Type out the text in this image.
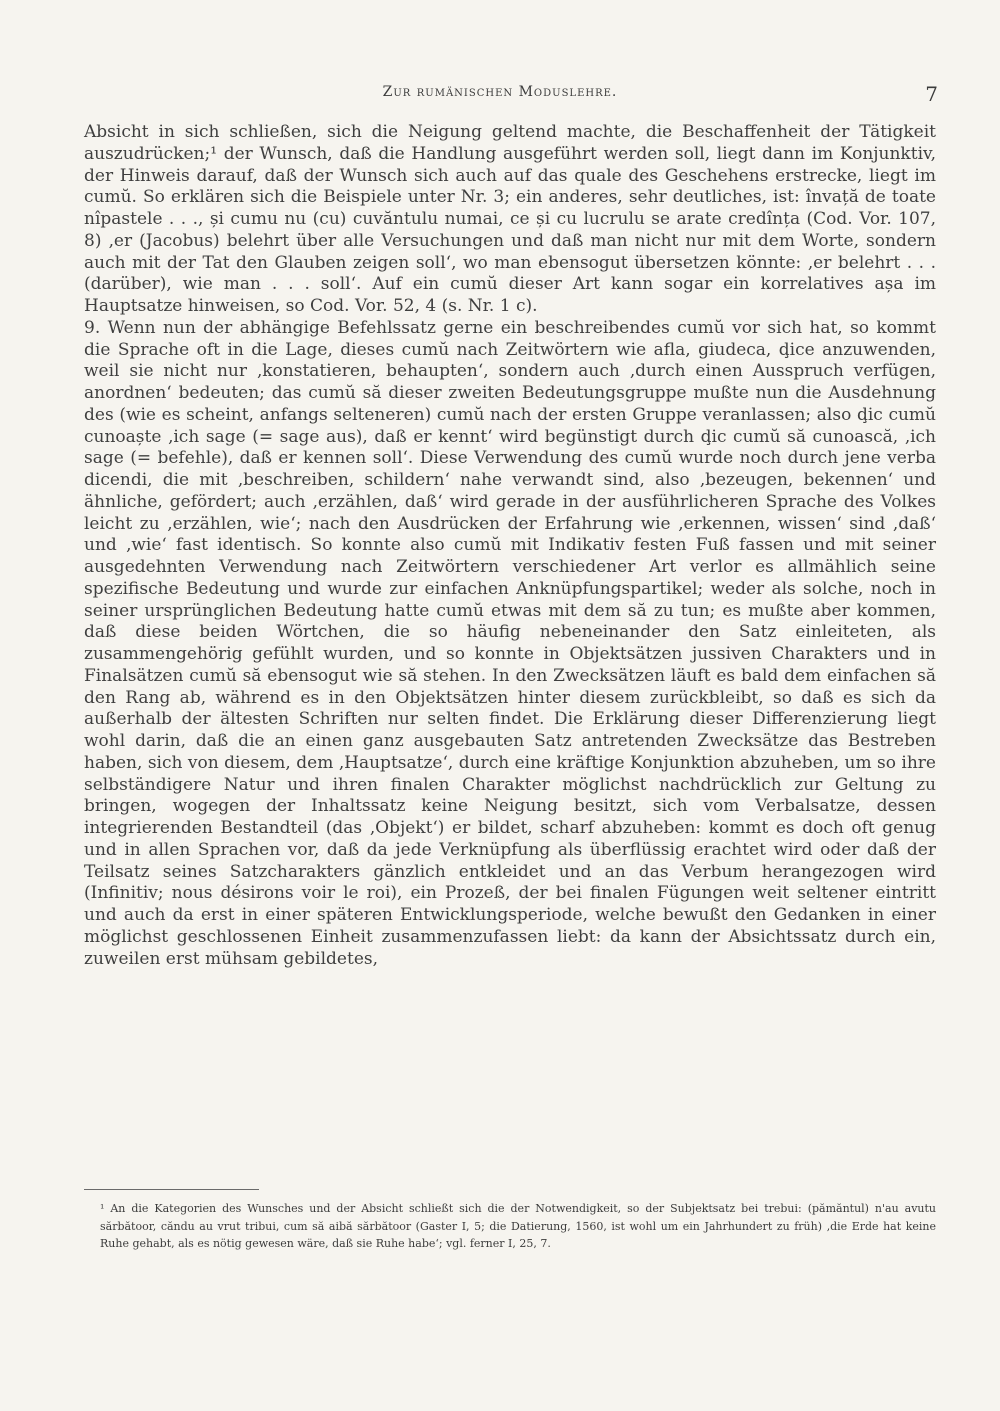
Zur rumänischen Moduslehre.	7

Absicht in sich schließen, sich die Neigung geltend machte, die Beschaffenheit der Tätigkeit auszudrücken;¹ der Wunsch, daß die Handlung ausgeführt werden soll, liegt dann im Konjunktiv, der Hinweis darauf, daß der Wunsch sich auch auf das quale des Geschehens erstrecke, liegt im cumŭ. So erklären sich die Beispiele unter Nr. 3; ein anderes, sehr deutliches, ist: învață de toate nîpastele . . ., și cumu nu (cu) cuvăntulu numai, ce și cu lucrulu se arate credînța (Cod. Vor. 107, 8) ‚er (Jacobus) belehrt über alle Versuchungen und daß man nicht nur mit dem Worte, sondern auch mit der Tat den Glauben zeigen soll‘, wo man ebensogut übersetzen könnte: ‚er belehrt . . . (darüber), wie man . . . soll‘. Auf ein cumŭ dieser Art kann sogar ein korrelatives așa im Hauptsatze hinweisen, so Cod. Vor. 52, 4 (s. Nr. 1 c).

9. Wenn nun der abhängige Befehlssatz gerne ein beschreibendes cumŭ vor sich hat, so kommt die Sprache oft in die Lage, dieses cumŭ nach Zeitwörtern wie afla, giudeca, ḑice anzuwenden, weil sie nicht nur ‚konstatieren, behaupten‘, sondern auch ‚durch einen Ausspruch verfügen, anordnen‘ bedeuten; das cumŭ să dieser zweiten Bedeutungsgruppe mußte nun die Ausdehnung des (wie es scheint, anfangs selteneren) cumŭ nach der ersten Gruppe veranlassen; also ḑic cumŭ cunoaște ‚ich sage (= sage aus), daß er kennt‘ wird begünstigt durch ḑic cumŭ să cunoască, ‚ich sage (= befehle), daß er kennen soll‘. Diese Verwendung des cumŭ wurde noch durch jene verba dicendi, die mit ‚beschreiben, schildern‘ nahe verwandt sind, also ‚bezeugen, bekennen‘ und ähnliche, gefördert; auch ‚erzählen, daß‘ wird gerade in der ausführlicheren Sprache des Volkes leicht zu ‚erzählen, wie‘; nach den Ausdrücken der Erfahrung wie ‚erkennen, wissen‘ sind ‚daß‘ und ‚wie‘ fast identisch. So konnte also cumŭ mit Indikativ festen Fuß fassen und mit seiner ausgedehnten Verwendung nach Zeitwörtern verschiedener Art verlor es allmählich seine spezifische Bedeutung und wurde zur einfachen Anknüpfungspartikel; weder als solche, noch in seiner ursprünglichen Bedeutung hatte cumŭ etwas mit dem să zu tun; es mußte aber kommen, daß diese beiden Wörtchen, die so häufig nebeneinander den Satz einleiteten, als zusammengehörig gefühlt wurden, und so konnte in Objektsätzen jussiven Charakters und in Finalsätzen cumŭ să ebensogut wie să stehen. In den Zwecksätzen läuft es bald dem einfachen să den Rang ab, während es in den Objektsätzen hinter diesem zurückbleibt, so daß es sich da außerhalb der ältesten Schriften nur selten findet. Die Erklärung dieser Differenzierung liegt wohl darin, daß die an einen ganz ausgebauten Satz antretenden Zwecksätze das Bestreben haben, sich von diesem, dem ‚Hauptsatze‘, durch eine kräftige Konjunktion abzuheben, um so ihre selbständigere Natur und ihren finalen Charakter möglichst nachdrücklich zur Geltung zu bringen, wogegen der Inhaltssatz keine Neigung besitzt, sich vom Verbalsatze, dessen integrierenden Bestandteil (das ‚Objekt‘) er bildet, scharf abzuheben: kommt es doch oft genug und in allen Sprachen vor, daß da jede Verknüpfung als überflüssig erachtet wird oder daß der Teilsatz seines Satzcharakters gänzlich entkleidet und an das Verbum herangezogen wird (Infinitiv; nous désirons voir le roi), ein Prozeß, der bei finalen Fügungen weit seltener eintritt und auch da erst in einer späteren Entwicklungsperiode, welche bewußt den Gedanken in einer möglichst geschlossenen Einheit zusammenzufassen liebt: da kann der Absichtssatz durch ein, zuweilen erst mühsam gebildetes,

¹ An die Kategorien des Wunsches und der Absicht schließt sich die der Notwendigkeit, so der Subjektsatz bei trebui: (pămăntul) n'au avutu sărbătoor, căndu au vrut tribui, cum să aibă sărbătoor (Gaster I, 5; die Datierung, 1560, ist wohl um ein Jahrhundert zu früh) ‚die Erde hat keine Ruhe gehabt, als es nötig gewesen wäre, daß sie Ruhe habe‘; vgl. ferner I, 25, 7.
